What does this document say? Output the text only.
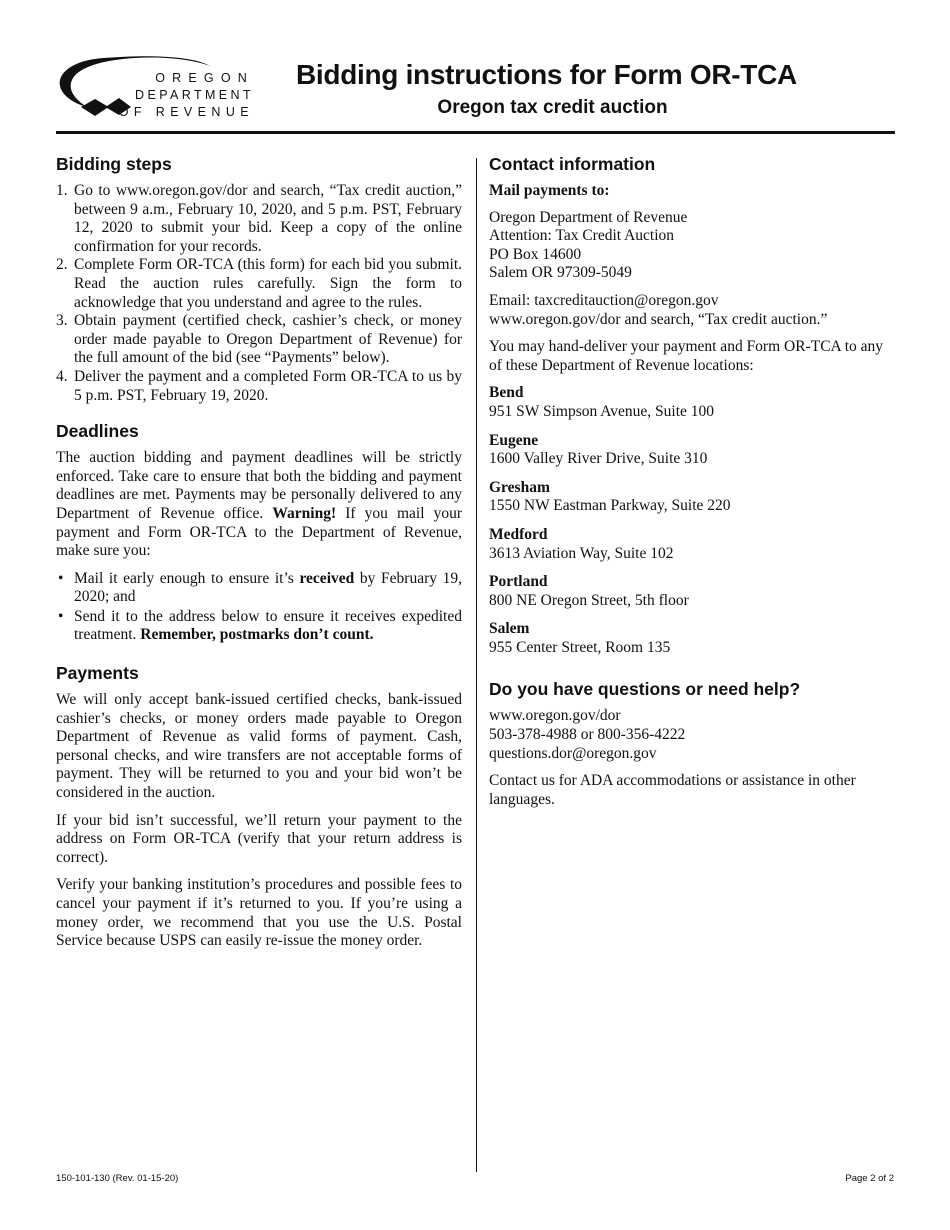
OREGON
DEPARTMENT
OF REVENUE
Bidding instructions for Form OR-TCA
Oregon tax credit auction
Bidding steps
1. Go to www.oregon.gov/dor and search, “Tax credit auction,” between 9 a.m., February 10, 2020, and 5 p.m. PST, February 12, 2020 to submit your bid. Keep a copy of the online confirmation for your records.
2. Complete Form OR-TCA (this form) for each bid you submit. Read the auction rules carefully. Sign the form to acknowledge that you understand and agree to the rules.
3. Obtain payment (certified check, cashier’s check, or money order made payable to Oregon Department of Revenue) for the full amount of the bid (see “Payments” below).
4. Deliver the payment and a completed Form OR-TCA to us by 5 p.m. PST, February 19, 2020.
Deadlines

The auction bidding and payment deadlines will be strictly enforced. Take care to ensure that both the bidding and payment deadlines are met. Payments may be personally delivered to any Department of Revenue office. Warning! If you mail your payment and Form OR-TCA to the Department of Revenue, make sure you:

• Mail it early enough to ensure it’s received by February 19, 2020; and
• Send it to the address below to ensure it receives expedited treatment. Remember, postmarks don’t count.
Payments

We will only accept bank-issued certified checks, bank-issued cashier’s checks, or money orders made payable to Oregon Department of Revenue as valid forms of payment. Cash, personal checks, and wire transfers are not acceptable forms of payment. They will be returned to you and your bid won’t be considered in the auction.

If your bid isn’t successful, we’ll return your payment to the address on Form OR-TCA (verify that your return address is correct).

Verify your banking institution’s procedures and possible fees to cancel your payment if it’s returned to you. If you’re using a money order, we recommend that you use the U.S. Postal Service because USPS can easily re-issue the money order.

Contact information

Mail payments to:

Oregon Department of Revenue
Attention: Tax Credit Auction
PO Box 14600
Salem OR 97309-5049

Email: taxcreditauction@oregon.gov
www.oregon.gov/dor and search, “Tax credit auction.”

You may hand-deliver your payment and Form OR-TCA to any of these Department of Revenue locations:

Bend
951 SW Simpson Avenue, Suite 100
Eugene
1600 Valley River Drive, Suite 310
Gresham
1550 NW Eastman Parkway, Suite 220
Medford
3613 Aviation Way, Suite 102
Portland
800 NE Oregon Street, 5th floor
Salem
955 Center Street, Room 135
Do you have questions or need help?

www.oregon.gov/dor
503-378-4988 or 800-356-4222
questions.dor@oregon.gov

Contact us for ADA accommodations or assistance in other languages.

150-101-130 (Rev. 01-15-20)	Page 2 of 2
